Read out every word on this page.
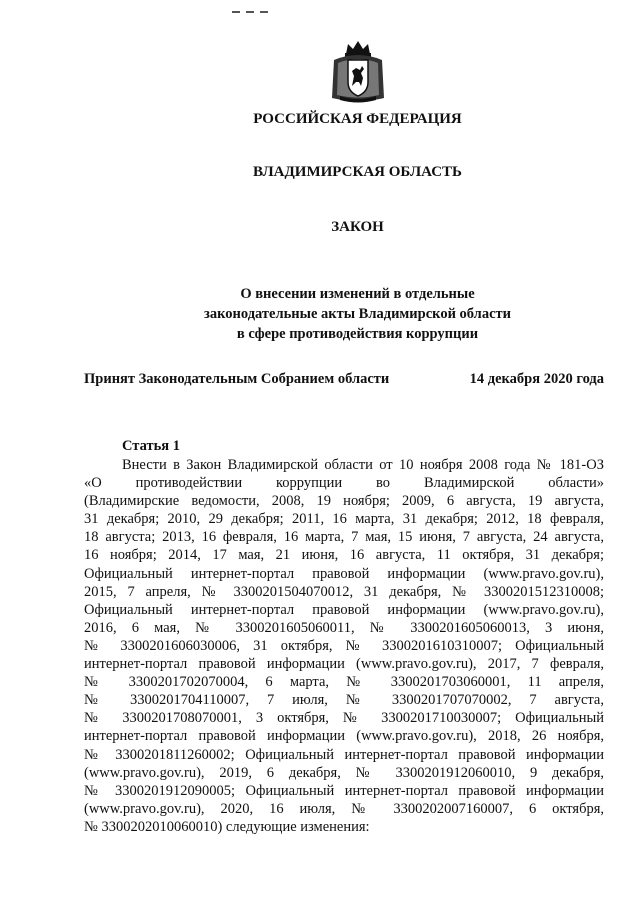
РОССИЙСКАЯ ФЕДЕРАЦИЯ
ВЛАДИМИРСКАЯ ОБЛАСТЬ
ЗАКОН
О внесении изменений в отдельные
законодательные акты Владимирской области
в сфере противодействия коррупции
Принят Законодательным Собранием области	14 декабря 2020 года
Статья 1
Внести в Закон Владимирской области от 10 ноября 2008 года № 181-ОЗ
«О противодействии коррупции во Владимирской области»
(Владимирские ведомости, 2008, 19 ноября; 2009, 6 августа, 19 августа,
31 декабря; 2010, 29 декабря; 2011, 16 марта, 31 декабря; 2012, 18 февраля,
18 августа; 2013, 16 февраля, 16 марта, 7 мая, 15 июня, 7 августа, 24 августа,
16 ноября; 2014, 17 мая, 21 июня, 16 августа, 11 октября, 31 декабря;
Официальный интернет-портал правовой информации (www.pravo.gov.ru),
2015, 7 апреля, № 3300201504070012, 31 декабря, № 3300201512310008;
Официальный интернет-портал правовой информации (www.pravo.gov.ru),
2016, 6 мая, № 3300201605060011, № 3300201605060013, 3 июня,
№ 3300201606030006, 31 октября, № 3300201610310007; Официальный
интернет-портал правовой информации (www.pravo.gov.ru), 2017, 7 февраля,
№ 3300201702070004, 6 марта, № 3300201703060001, 11 апреля,
№ 3300201704110007, 7 июля, № 3300201707070002, 7 августа,
№ 3300201708070001, 3 октября, № 3300201710030007; Официальный
интернет-портал правовой информации (www.pravo.gov.ru), 2018, 26 ноября,
№ 3300201811260002; Официальный интернет-портал правовой информации
(www.pravo.gov.ru), 2019, 6 декабря, № 3300201912060010, 9 декабря,
№ 3300201912090005; Официальный интернет-портал правовой информации
(www.pravo.gov.ru), 2020, 16 июля, № 3300202007160007, 6 октября,
№ 3300202010060010) следующие изменения:
